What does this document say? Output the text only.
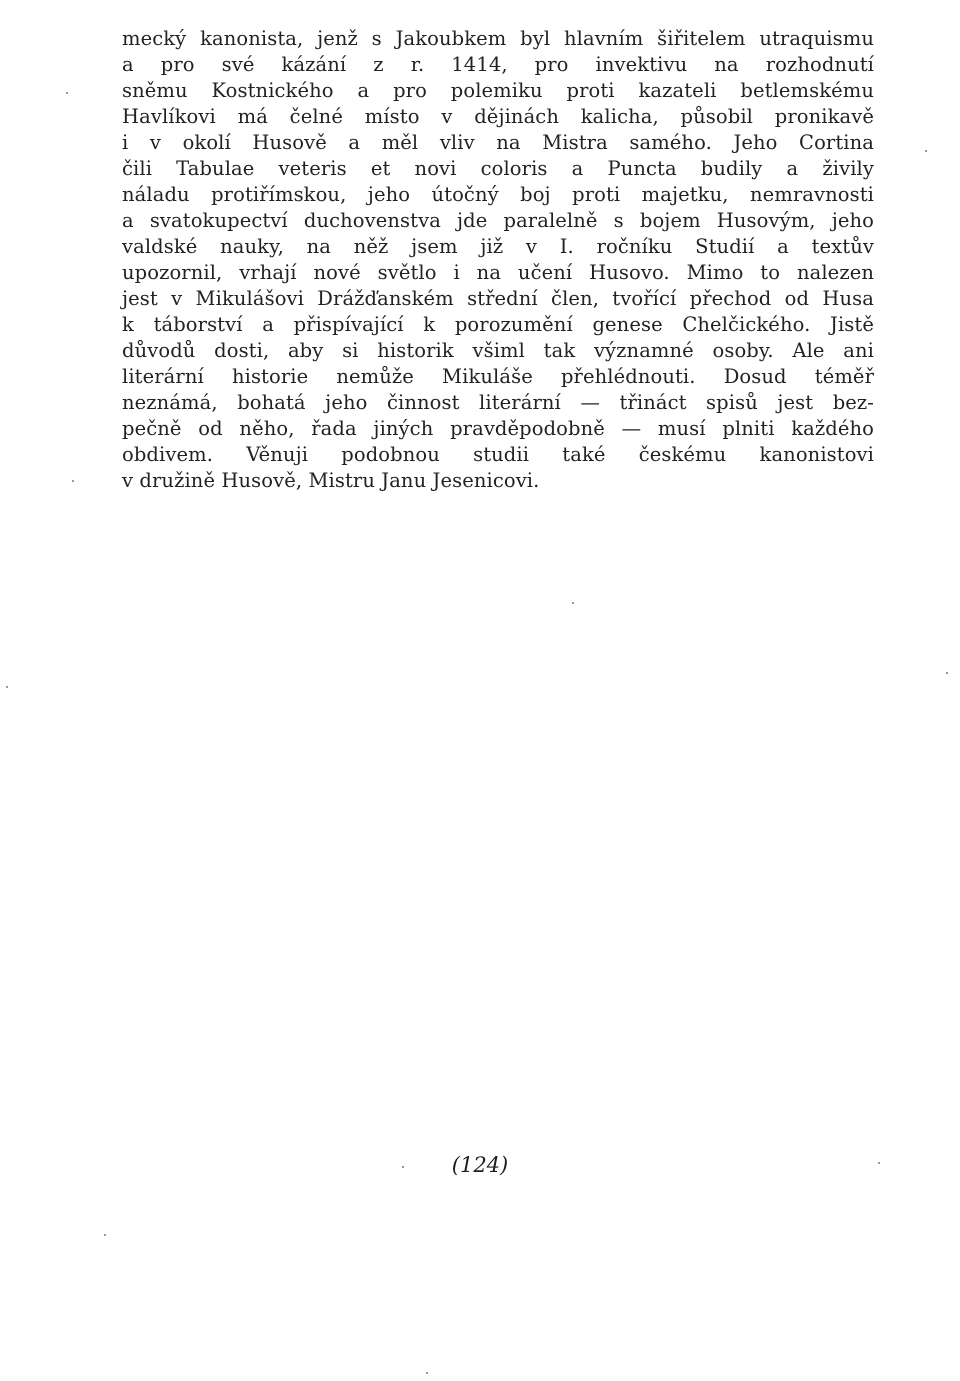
mecký kanonista, jenž s Jakoubkem byl hlavním šiřitelem utraquismu
a pro své kázání z r. 1414, pro invektivu na rozhodnutí
sněmu Kostnického a pro polemiku proti kazateli betlemskému
Havlíkovi má čelné místo v dějinách kalicha, působil pronikavě
i v okolí Husově a měl vliv na Mistra samého. Jeho Cortina
čili Tabulae veteris et novi coloris a Puncta budily a živily
náladu protiřímskou, jeho útočný boj proti majetku, nemravnosti
a svatokupectví duchovenstva jde paralelně s bojem Husovým, jeho
valdské nauky, na něž jsem již v I. ročníku Studií a textův
upozornil, vrhají nové světlo i na učení Husovo. Mimo to nalezen
jest v Mikulášovi Drážďanském střední člen, tvořící přechod od Husa
k táborství a přispívající k porozumění genese Chelčického. Jistě
důvodů dosti, aby si historik všiml tak významné osoby. Ale ani
literární historie nemůže Mikuláše přehlédnouti. Dosud téměř
neznámá, bohatá jeho činnost literární — třináct spisů jest bez-
pečně od něho, řada jiných pravděpodobně — musí plniti každého
obdivem. Věnuji podobnou studii také českému kanonistovi
v družině Husově, Mistru Janu Jesenicovi.
(124)
